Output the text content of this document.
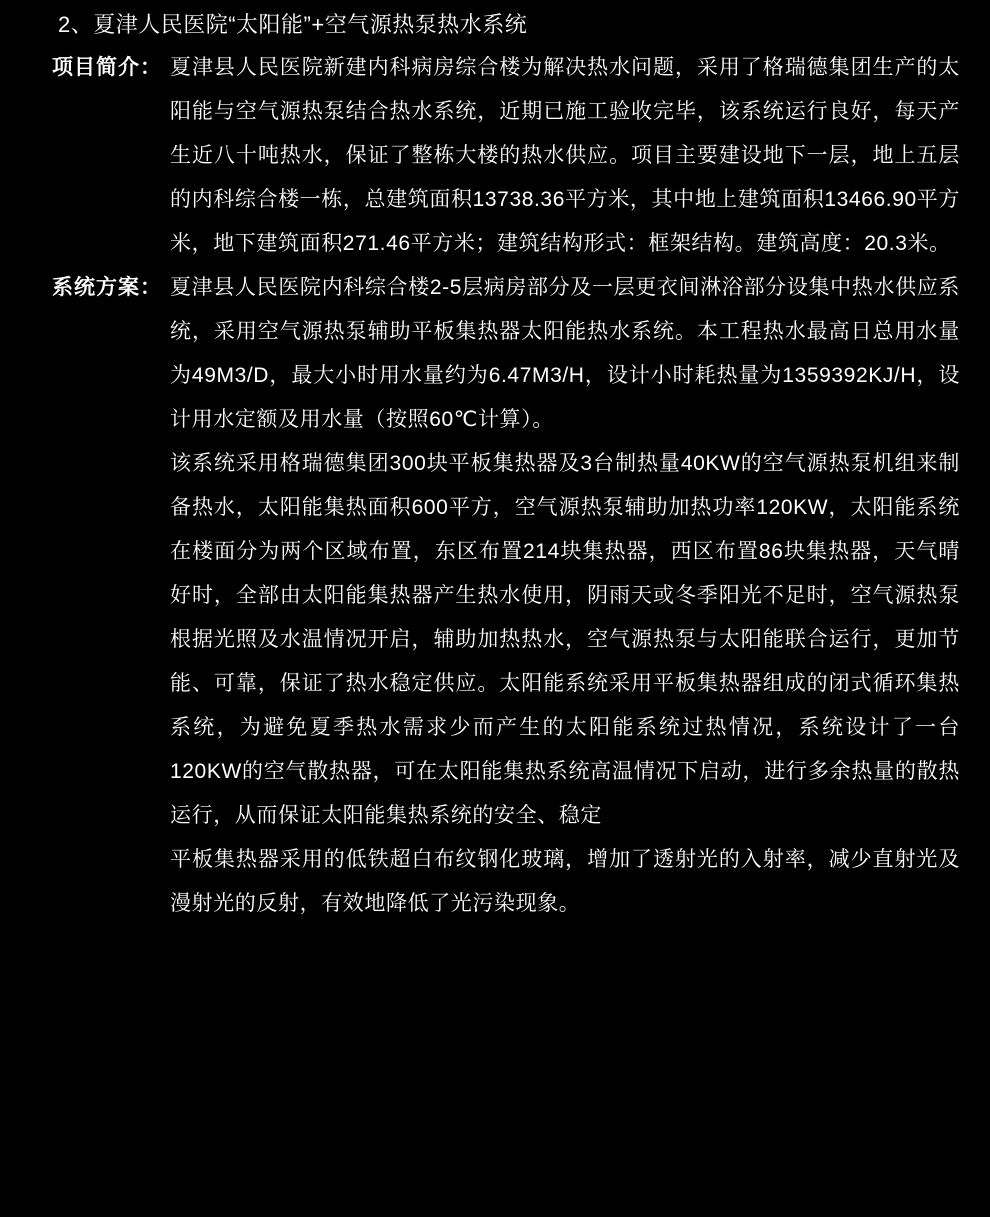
2、夏津人民医院“太阳能”+空气源热泵热水系统
项目简介： 夏津县人民医院新建内科病房综合楼为解决热水问题，采用了格瑞德集团生产的太阳能与空气源热泵结合热水系统，近期已施工验收完毕，该系统运行良好，每天产生近八十吨热水，保证了整栋大楼的热水供应。项目主要建设地下一层，地上五层的内科综合楼一栋，总建筑面积13738.36平方米，其中地上建筑面积13466.90平方米，地下建筑面积271.46平方米；建筑结构形式：框架结构。建筑高度：20.3米。

系统方案： 夏津县人民医院内科综合楼2-5层病房部分及一层更衣间淋浴部分设集中热水供应系统，采用空气源热泵辅助平板集热器太阳能热水系统。本工程热水最高日总用水量为49M3/D，最大小时用水量约为6.47M3/H，设计小时耗热量为1359392KJ/H，设计用水定额及用水量（按照60℃计算）。

该系统采用格瑞德集团300块平板集热器及3台制热量40KW的空气源热泵机组来制备热水，太阳能集热面积600平方，空气源热泵辅助加热功率120KW，太阳能系统在楼面分为两个区域布置，东区布置214块集热器，西区布置86块集热器，天气晴好时，全部由太阳能集热器产生热水使用，阴雨天或冬季阳光不足时，空气源热泵根据光照及水温情况开启，辅助加热热水，空气源热泵与太阳能联合运行，更加节能、可靠，保证了热水稳定供应。太阳能系统采用平板集热器组成的闭式循环集热系统，为避免夏季热水需求少而产生的太阳能系统过热情况，系统设计了一台120KW的空气散热器，可在太阳能集热系统高温情况下启动，进行多余热量的散热运行，从而保证太阳能集热系统的安全、稳定

平板集热器采用的低铁超白布纹钢化玻璃，增加了透射光的入射率，减少直射光及漫射光的反射，有效地降低了光污染现象。
